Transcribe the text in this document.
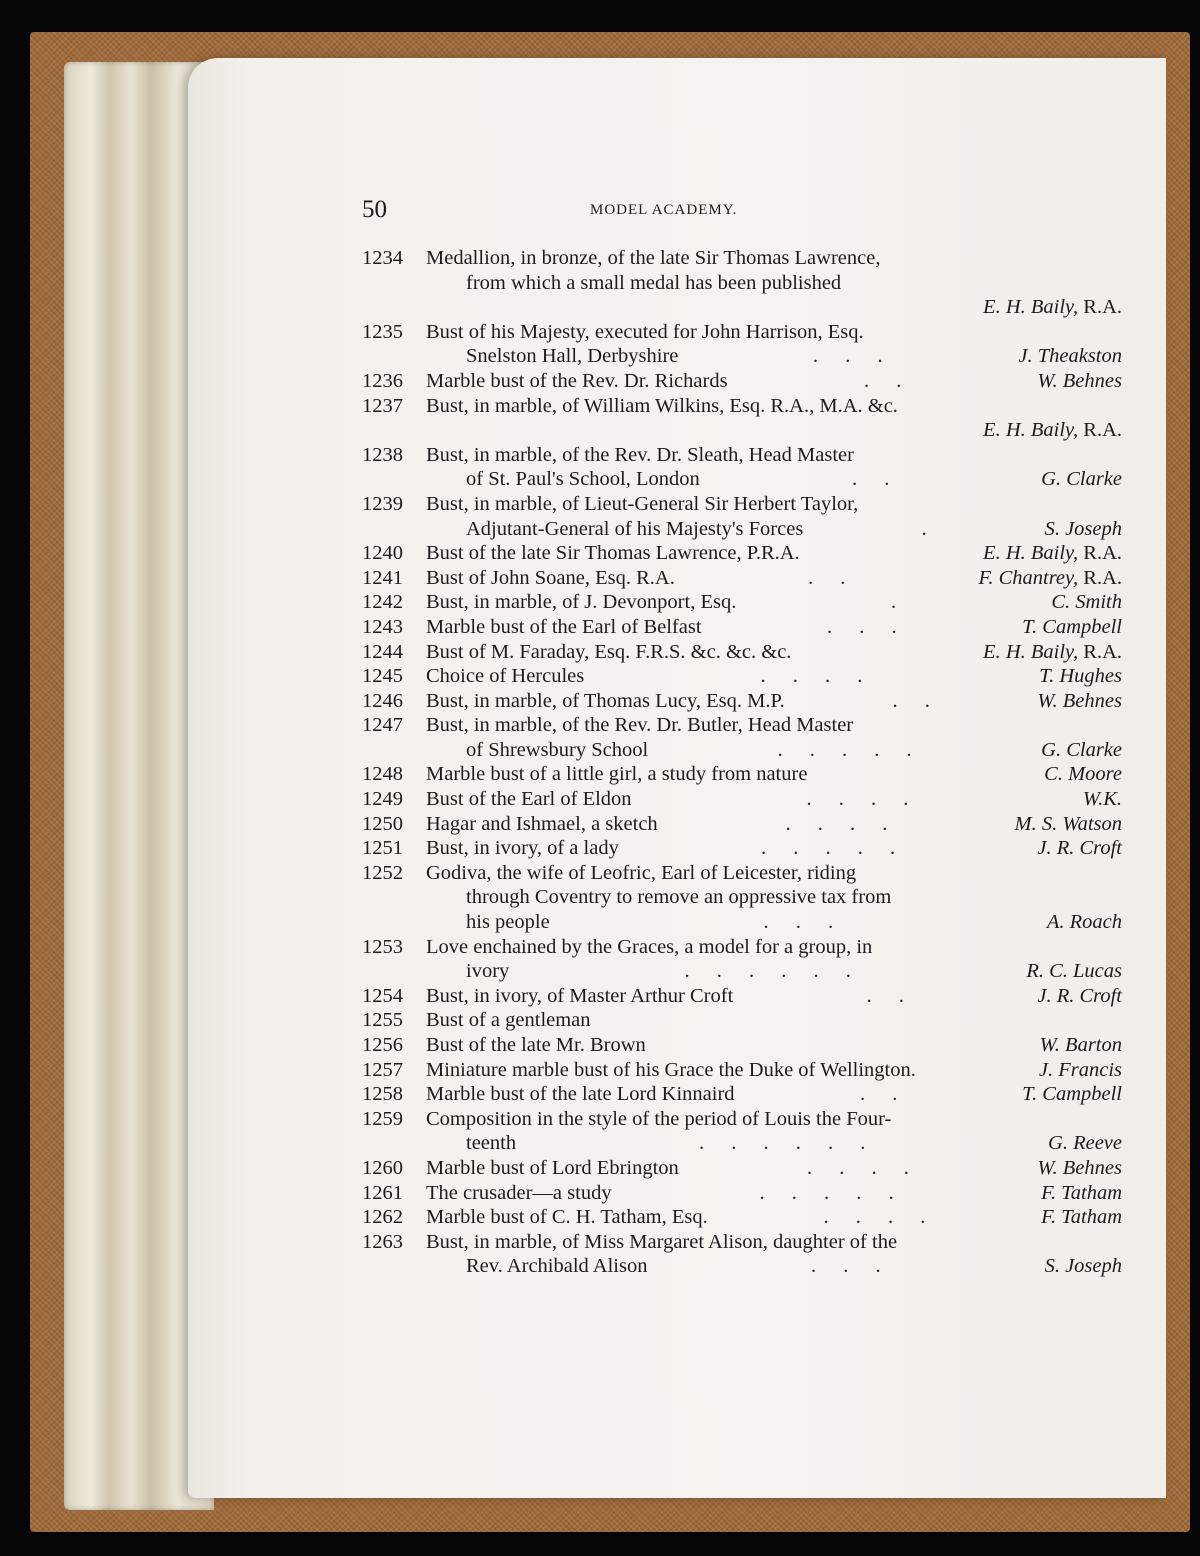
50	MODEL ACADEMY.
1234 Medallion, in bronze, of the late Sir Thomas Lawrence,
from which a small medal has been published
E. H. Baily, R.A.
1235 Bust of his Majesty, executed for John Harrison, Esq.
Snelston Hall, Derbyshire	. . .	J. Theakston
1236 Marble bust of the Rev. Dr. Richards	. .	W. Behnes
1237 Bust, in marble, of William Wilkins, Esq. R.A., M.A. &c.
E. H. Baily, R.A.
1238 Bust, in marble, of the Rev. Dr. Sleath, Head Master
of St. Paul's School, London	. .	G. Clarke
1239 Bust, in marble, of Lieut-General Sir Herbert Taylor,
Adjutant-General of his Majesty's Forces	.	S. Joseph
1240 Bust of the late Sir Thomas Lawrence, P.R.A.	E. H. Baily, R.A.
1241 Bust of John Soane, Esq. R.A.	. .	F. Chantrey, R.A.
1242 Bust, in marble, of J. Devonport, Esq.	.	C. Smith
1243 Marble bust of the Earl of Belfast	. . .	T. Campbell
1244 Bust of M. Faraday, Esq. F.R.S. &c. &c. &c.	E. H. Baily, R.A.
1245 Choice of Hercules	. . . .	T. Hughes
1246 Bust, in marble, of Thomas Lucy, Esq. M.P.	. .	W. Behnes
1247 Bust, in marble, of the Rev. Dr. Butler, Head Master
of Shrewsbury School	. . . . .	G. Clarke
1248 Marble bust of a little girl, a study from nature	C. Moore
1249 Bust of the Earl of Eldon	. . . .	W.K.
1250 Hagar and Ishmael, a sketch	. . . .	M. S. Watson
1251 Bust, in ivory, of a lady	. . . . .	J. R. Croft
1252 Godiva, the wife of Leofric, Earl of Leicester, riding
through Coventry to remove an oppressive tax from
his people	. . .	A. Roach
1253 Love enchained by the Graces, a model for a group, in
ivory	. . . . . .	R. C. Lucas
1254 Bust, in ivory, of Master Arthur Croft	. .	J. R. Croft
1255 Bust of a gentleman
1256 Bust of the late Mr. Brown	W. Barton
1257 Miniature marble bust of his Grace the Duke of Wellington.	J. Francis
1258 Marble bust of the late Lord Kinnaird	. .	T. Campbell
1259 Composition in the style of the period of Louis the Four-
teenth	. . . . . .	G. Reeve
1260 Marble bust of Lord Ebrington	. . . .	W. Behnes
1261 The crusader—a study	. . . . .	F. Tatham
1262 Marble bust of C. H. Tatham, Esq.	. . . .	F. Tatham
1263 Bust, in marble, of Miss Margaret Alison, daughter of the
Rev. Archibald Alison	. . .	S. Joseph
